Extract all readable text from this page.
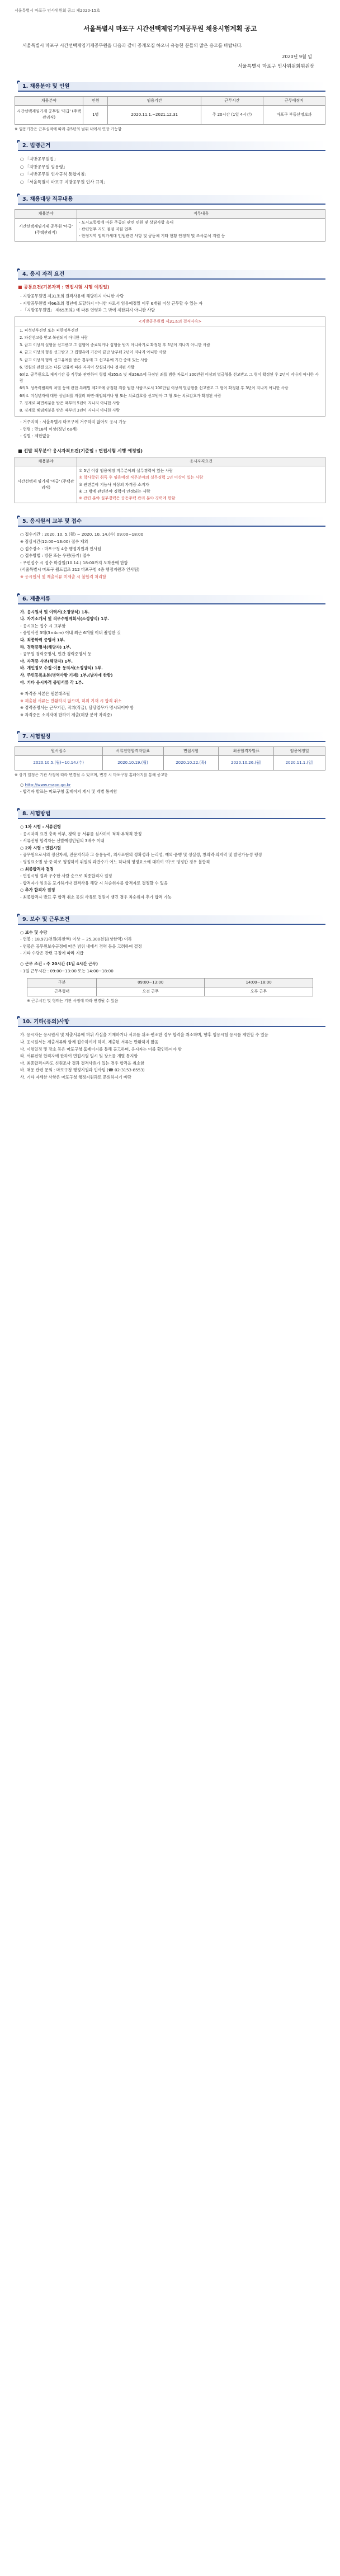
서울특별시 마포구 인사위원회 공고 제2020-15호
서울특별시 마포구 시간선택제임기제공무원 채용시험계획 공고
서울특별시 마포구 시간선택제임기제공무원을 다음과 같이 공개모집 하오니 유능한 분들의 많은 응모를 바랍니다.
2020년 9월 일
서울특별시 마포구 인사위원회위원장
1. 채용분야 및 인원
채용분야	인원	임용기간	근무시간	근무예정지
시간선택제임기제 공무원 '마급' (주택관리직)	1명	2020.11.1.~2021.12.31	주 20시간 (1일 4시간)	마포구 부동산정보과
※ 임용기간은 근무실적에 따라 총5년의 범위 내에서 연장 가능함
2. 법령근거
○ 「지방공무원법」
○ 「지방공무원 임용령」
○ 「지방공무원 인사규칙 통합지침」
○ 「서울특별시 마포구 지방공무원 인사 규칙」
3. 채용대상 직무내용
채용분야	직무내용
시간선택제임기제 공무원 '마급' (주택관리직)	- 도시교통법에 따른 주공의 관련 민원 및 상담사항 응대
- 관련업무 지도 점검 지원 업무
- 한정지역 임의가세대 민원관련 사항 및 공동체 기타 현황 안정적 및 조사분석 지원 등
4. 응시 자격 요건
■ 공통요건(기본자격 : 면접시험 시행 예정일)
- 지방공무원법 제31조의 결격사유에 해당하지 아니한 사람
- 지방공무원법 제66조의 정년에 도달하지 아니한 자로서 임용예정일 이후 6개월 이상 근무할 수 있는 자
- 「지방공무원법」 제65조의3 에 따른 연령과 그 밖에 제한되지 아니한 사람
<지방공무원법 제31조의 결격사유>
1. 피성년후견인 또는 피한정후견인
2. 파산선고를 받고 복권되지 아니한 사람
3. 금고 이상의 실형을 선고받고 그 집행이 종료되거나 집행을 받지 아니하기로 확정된 후 5년이 지나지 아니한 사람
4. 금고 이상의 형을 선고받고 그 집행유예 기간이 끝난 날부터 2년이 지나지 아니한 사람
5. 금고 이상의 형의 선고유예를 받은 경우에 그 선고유예 기간 중에 있는 사람
6. 법원의 판결 또는 다른 법률에 따라 자격이 상실되거나 정지된 사람
6의2. 공무원으로 재직기간 중 직무와 관련하여 형법 제355조 및 제356조에 규정된 죄를 범한 자로서 300만원 이상의 벌금형을 선고받고 그 형이 확정된 후 2년이 지나지 아니한 사람
6의3. 성폭력범죄의 처벌 등에 관한 특례법 제2조에 규정된 죄를 범한 사람으로서 100만원 이상의 벌금형을 선고받고 그 형이 확정된 후 3년이 지나지 아니한 사람
6의4. 미성년자에 대한 성범죄를 저질러 파면·해임되거나 형 또는 치료감호를 선고받아 그 형 또는 치료감호가 확정된 사람
7. 징계로 파면처분을 받은 때부터 5년이 지나지 아니한 사람
8. 징계로 해임처분을 받은 때부터 3년이 지나지 아니한 사람
- 거주지역 : 서울특별시 마포구에 거주하지 않아도 응시 가능
- 연령 : 만18세 이상(정년 60세)
- 성별 : 제한없음
■ 선발 직무분야 응시자격요건(기준일 : 면접시험 시행 예정일)
채용분야	응시자격요건
시간선택제 임기제 '마급' (주택관리직)	① 5년 이상 임용예정 직무분야의 실무경력이 있는 사람
② 학사학위 취득 후 임용예정 직무분야의 실무경력 1년 이상이 있는 사람
③ 관련분야 기능사 이상의 자격증 소지자
④ 그 밖에 관련분야 경력이 인정되는 사람
※ 관련 분야 실무경력은 공동주택 관리 분야 경력에 한함
5. 응시원서 교부 및 접수
○ 접수기간 : 2020. 10. 5.(월) ~ 2020. 10. 14.(수) 09:00~18:00
※ 점심시간(12:00~13:00) 접수 제외
○ 접수장소 : 마포구청 4층 행정지원과 인사팀
○ 접수방법 : 방문 또는 우편(등기) 접수
- 우편접수 시 접수 마감일(10.14.) 18:00까지 도착분에 한함
(서울특별시 마포구 월드컵로 212 마포구청 4층 행정지원과 인사팀)
※ 응시원서 및 제출서류 미제출 시 불합격 처리함
6. 제출서류
가. 응시원서 및 이력서(소정양식) 1부.
나. 자기소개서 및 직무수행계획서(소정양식) 1부.
- 응시표는 접수 시 교부함
- 증명사진 3매(3×4cm) 이내 최근 6개월 이내 촬영한 것
다. 최종학력 증명서 1부.
라. 경력증명서(해당자) 1부.
- 공무원 경력증명서, 민간 경력증명서 등
마. 자격증 사본(해당자) 1부.
바. 개인정보 수집·이용 동의서(소정양식) 1부.
사. 주민등록초본(병역사항 기재) 1부.(남자에 한함)
아. 기타 응시자격 증빙서류 각 1부.
※ 자격증 사본은 원본대조필
※ 제출된 서류는 반환하지 않으며, 허위 기재 시 합격 취소
※ 경력증명서는 근무기간, 직위(직급), 담당업무가 명시되어야 함
※ 자격증은 소지자에 한하여 제출(해당 분야 자격증)
7. 시험일정
원서접수	서류전형합격자발표	면접시험	최종합격자발표	임용예정일
2020.10.5.(월)~10.14.(수)	2020.10.19.(월)	2020.10.22.(목)	2020.10.26.(월)	2020.11.1.(일)
※ 상기 일정은 기관 사정에 따라 변경될 수 있으며, 변경 시 마포구청 홈페이지를 통해 공고함
○ http://www.mapo.go.kr
- 합격자 발표는 마포구청 홈페이지 게시 및 개별 통지함
8. 시험방법
○ 1차 시험 : 서류전형
- 응시자격 요건 충족 여부, 경력 등 서류를 심사하여 적격·부적격 판정
- 서류전형 합격자는 선발예정인원의 3배수 이내
○ 2차 시험 : 면접시험
- 공무원으로서의 정신자세, 전문지식과 그 응용능력, 의사표현의 정확성과 논리성, 예의·품행 및 성실성, 창의력·의지력 및 발전가능성 평정
- 평정요소별 상·중·하로 평정하여 위원의 과반수가 어느 하나의 평정요소에 대하여 '하'로 평정한 경우 불합격
○ 최종합격자 결정
- 면접시험 결과 우수한 사람 순으로 최종합격자 결정
- 합격자가 임용을 포기하거나 결격사유 해당 시 차순위자를 합격자로 결정할 수 있음
○ 추가 합격자 결정
- 최종합격자 발표 후 합격 취소 등의 사유로 결원이 생긴 경우 차순위자 추가 합격 가능
9. 보수 및 근무조건
○ 보수 및 수당
- 연봉 : 18,973천원(하한액) 이상 ~ 25,300천원(상한액) 이하
- 연봉은 공무원보수규정에 따른 범위 내에서 경력 등을 고려하여 결정
- 기타 수당은 관련 규정에 따라 지급
○ 근무 조건 : 주 20시간 (1일 4시간 근무)
- 1일 근무시간 : 09:00~13:00 또는 14:00~18:00
구분	09:00~13:00	14:00~18:00
근무형태	오전 근무	오후 근무
※ 근무시간 및 형태는 기관 사정에 따라 변경될 수 있음
10. 기타(유의)사항
가. 응시자는 응시원서 및 제출서류에 허위 사실을 기재하거나 서류를 위조·변조한 경우 합격을 취소하며, 향후 임용시험 응시를 제한할 수 있음
나. 응시원서는 제출서류와 함께 접수하여야 하며, 제출된 서류는 반환하지 않음
다. 시험일정 및 장소 등은 마포구청 홈페이지를 통해 공고하며, 응시자는 이를 확인하여야 함
라. 서류전형 합격자에 한하여 면접시험 일시 및 장소를 개별 통지함
마. 최종합격자라도 신원조사 결과 결격사유가 있는 경우 합격을 취소함
바. 채용 관련 문의 : 마포구청 행정지원과 인사팀 (☎ 02-3153-8553)
사. 기타 자세한 사항은 마포구청 행정지원과로 문의하시기 바람
